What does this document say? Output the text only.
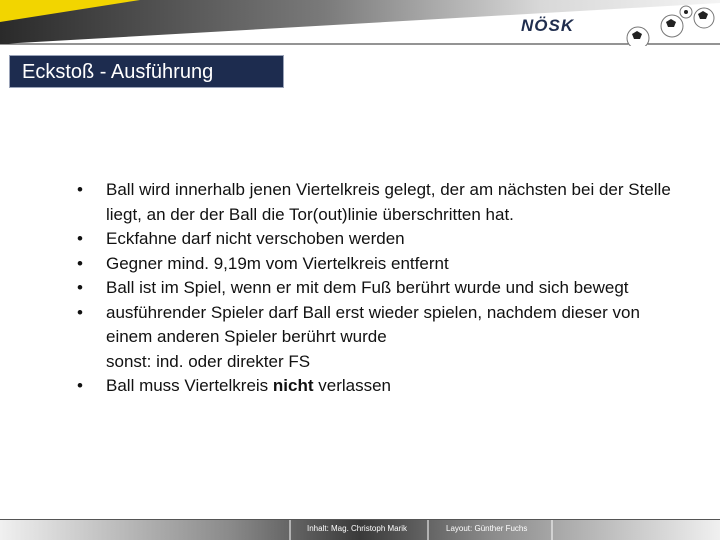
NÖSK
Eckstoß - Ausführung
• Ball wird innerhalb jenen Viertelkreis gelegt, der am nächsten bei der Stelle liegt, an der der Ball die Tor(out)linie überschritten hat.
• Eckfahne darf nicht verschoben werden
• Gegner mind. 9,19m vom Viertelkreis entfernt
• Ball ist im Spiel, wenn er mit dem Fuß berührt wurde und sich bewegt
• ausführender Spieler darf Ball erst wieder spielen, nachdem dieser von einem anderen Spieler berührt wurde
sonst: ind. oder direkter FS
• Ball muss Viertelkreis nicht verlassen
Inhalt: Mag. Christoph Marik	Layout: Günther Fuchs
